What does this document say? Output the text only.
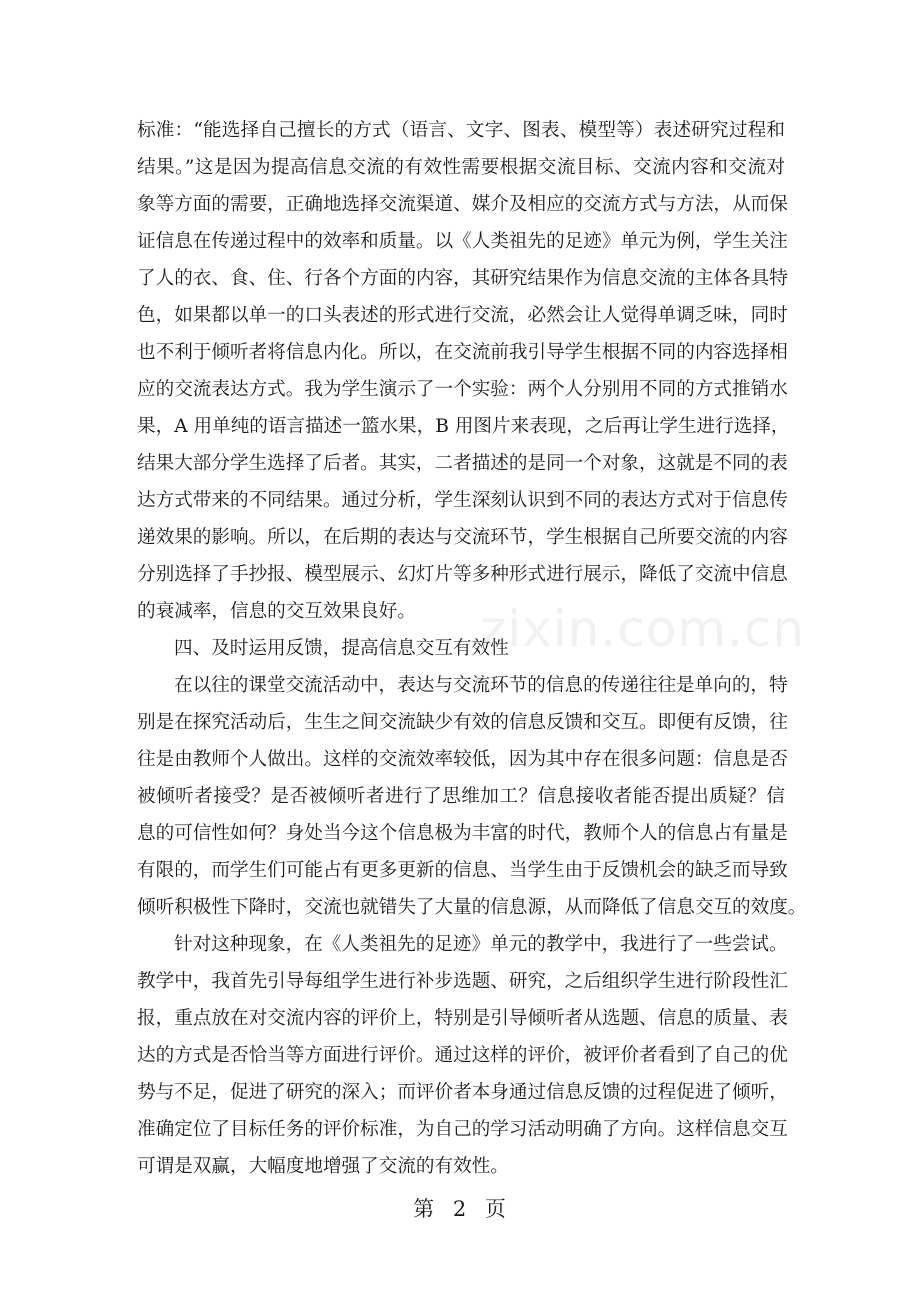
标准：“能选择自己擅长的方式（语言、文字、图表、模型等）表述研究过程和
结果。”这是因为提高信息交流的有效性需要根据交流目标、交流内容和交流对
象等方面的需要，正确地选择交流渠道、媒介及相应的交流方式与方法，从而保
证信息在传递过程中的效率和质量。以《人类祖先的足迹》单元为例，学生关注
了人的衣、食、住、行各个方面的内容，其研究结果作为信息交流的主体各具特
色，如果都以单一的口头表述的形式进行交流，必然会让人觉得单调乏味，同时
也不利于倾听者将信息内化。所以，在交流前我引导学生根据不同的内容选择相
应的交流表达方式。我为学生演示了一个实验：两个人分别用不同的方式推销水
果，A 用单纯的语言描述一篮水果，B 用图片来表现，之后再让学生进行选择，
结果大部分学生选择了后者。其实，二者描述的是同一个对象，这就是不同的表
达方式带来的不同结果。通过分析，学生深刻认识到不同的表达方式对于信息传
递效果的影响。所以，在后期的表达与交流环节，学生根据自己所要交流的内容
分别选择了手抄报、模型展示、幻灯片等多种形式进行展示，降低了交流中信息
的衰减率，信息的交互效果良好。
四、及时运用反馈，提高信息交互有效性
在以往的课堂交流活动中，表达与交流环节的信息的传递往往是单向的，特
别是在探究活动后，生生之间交流缺少有效的信息反馈和交互。即便有反馈，往
往是由教师个人做出。这样的交流效率较低，因为其中存在很多问题：信息是否
被倾听者接受？是否被倾听者进行了思维加工？信息接收者能否提出质疑？信
息的可信性如何？身处当今这个信息极为丰富的时代，教师个人的信息占有量是
有限的，而学生们可能占有更多更新的信息、当学生由于反馈机会的缺乏而导致
倾听积极性下降时，交流也就错失了大量的信息源，从而降低了信息交互的效度。
针对这种现象，在《人类祖先的足迹》单元的教学中，我进行了一些尝试。
教学中，我首先引导每组学生进行补步选题、研究，之后组织学生进行阶段性汇
报，重点放在对交流内容的评价上，特别是引导倾听者从选题、信息的质量、表
达的方式是否恰当等方面进行评价。通过这样的评价，被评价者看到了自己的优
势与不足，促进了研究的深入；而评价者本身通过信息反馈的过程促进了倾听，
准确定位了目标任务的评价标准，为自己的学习活动明确了方向。这样信息交互
可谓是双赢，大幅度地增强了交流的有效性。
zixin.com.cn
第 2 页
